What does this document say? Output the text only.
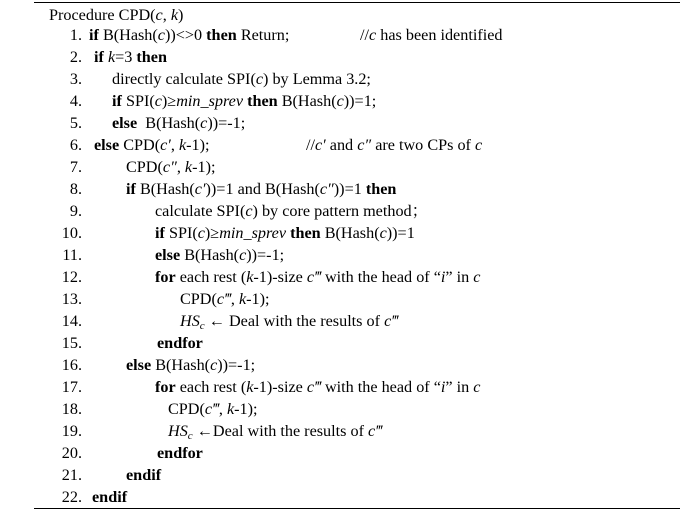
Procedure CPD(c, k)
1. if B(Hash(c))<>0 then Return;	//c has been identified
2. if k=3 then
3. directly calculate SPI(c) by Lemma 3.2;
4. if SPI(c)≥min_sprev then B(Hash(c))=1;
5. else  B(Hash(c))=-1;
6. else CPD(c′, k-1);	//c′ and c″ are two CPs of c
7.	CPD(c″, k-1);
8.	if B(Hash(c′))=1 and B(Hash(c″))=1 then
9.	calculate SPI(c) by core pattern method；
10.	if SPI(c)≥min_sprev then B(Hash(c))=1
11.	else B(Hash(c))=-1;
12.	for each rest (k-1)-size c‴ with the head of “i” in c
13.	CPD(c‴, k-1);
14.	$HS_c$ ← Deal with the results of c‴
15.	endfor
16.	else B(Hash(c))=-1;
17.	for each rest (k-1)-size c‴ with the head of “i” in c
18.	CPD(c‴, k-1);
19.	$HS_c$ ←Deal with the results of c‴
20.	endfor
21.	endif
22. endif
